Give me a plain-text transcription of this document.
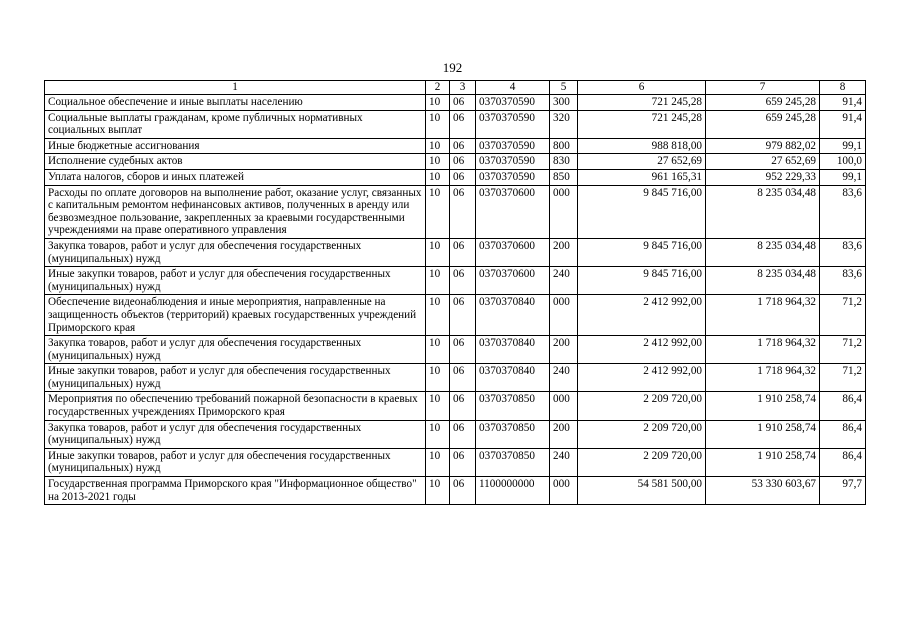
192
1	2	3	4	5	6	7	8
Социальное обеспечение и иные выплаты населению	10	06	0370370590	300	721 245,28	659 245,28	91,4
Социальные выплаты гражданам, кроме публичных нормативных социальных выплат	10	06	0370370590	320	721 245,28	659 245,28	91,4
Иные бюджетные ассигнования	10	06	0370370590	800	988 818,00	979 882,02	99,1
Исполнение судебных актов	10	06	0370370590	830	27 652,69	27 652,69	100,0
Уплата налогов, сборов и иных платежей	10	06	0370370590	850	961 165,31	952 229,33	99,1
Расходы по оплате договоров на выполнение работ, оказание услуг, связанных с капитальным ремонтом нефинансовых активов, полученных в аренду или безвозмездное пользование, закрепленных за краевыми государственными учреждениями на праве оперативного управления	10	06	0370370600	000	9 845 716,00	8 235 034,48	83,6
Закупка товаров, работ и услуг для обеспечения государственных (муниципальных) нужд	10	06	0370370600	200	9 845 716,00	8 235 034,48	83,6
Иные закупки товаров, работ и услуг для обеспечения государственных (муниципальных) нужд	10	06	0370370600	240	9 845 716,00	8 235 034,48	83,6
Обеспечение видеонаблюдения и иные мероприятия, направленные на защищенность объектов (территорий) краевых государственных учреждений Приморского края	10	06	0370370840	000	2 412 992,00	1 718 964,32	71,2
Закупка товаров, работ и услуг для обеспечения государственных (муниципальных) нужд	10	06	0370370840	200	2 412 992,00	1 718 964,32	71,2
Иные закупки товаров, работ и услуг для обеспечения государственных (муниципальных) нужд	10	06	0370370840	240	2 412 992,00	1 718 964,32	71,2
Мероприятия по обеспечению требований пожарной безопасности в краевых государственных учреждениях Приморского края	10	06	0370370850	000	2 209 720,00	1 910 258,74	86,4
Закупка товаров, работ и услуг для обеспечения государственных (муниципальных) нужд	10	06	0370370850	200	2 209 720,00	1 910 258,74	86,4
Иные закупки товаров, работ и услуг для обеспечения государственных (муниципальных) нужд	10	06	0370370850	240	2 209 720,00	1 910 258,74	86,4
Государственная программа Приморского края "Информационное общество" на 2013-2021 годы	10	06	1100000000	000	54 581 500,00	53 330 603,67	97,7
